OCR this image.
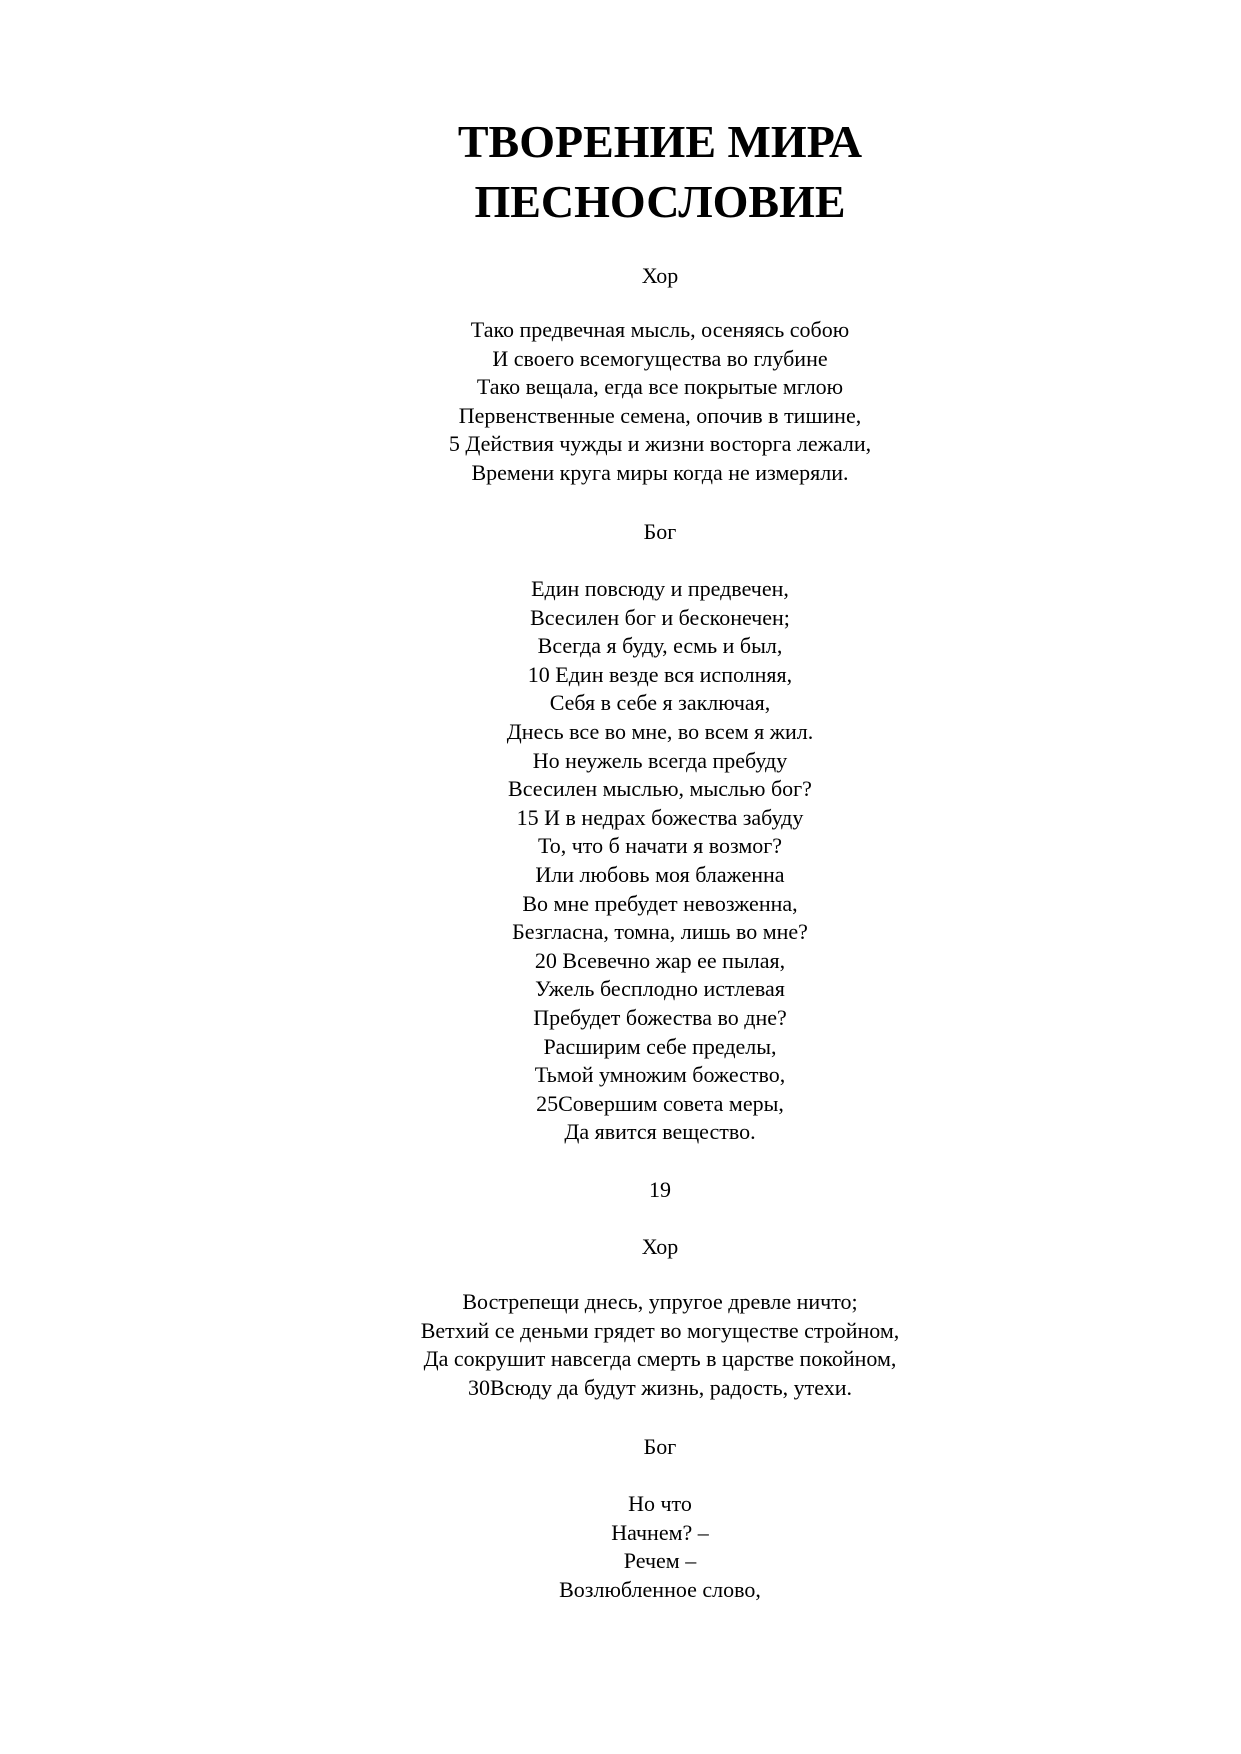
ТВОРЕНИЕ МИРА
ПЕСНОСЛОВИЕ
Хор
Тако предвечная мысль, осеняясь собою
И своего всемогущества во глубине
Тако вещала, егда все покрытые мглою
Первенственные семена, опочив в тишине,
5 Действия чужды и жизни восторга лежали,
Времени круга миры когда не измеряли.
Бог
Един повсюду и предвечен,
Всесилен бог и бесконечен;
Всегда я буду, есмь и был,
10 Един везде вся исполняя,
Себя в себе я заключая,
Днесь все во мне, во всем я жил.
Но неужель всегда пребуду
Всесилен мыслью, мыслью бог?
15 И в недрах божества забуду
То, что б начати я возмог?
Или любовь моя блаженна
Во мне пребудет невозженна,
Безгласна, томна, лишь во мне?
20 Всевечно жар ее пылая,
Ужель бесплодно истлевая
Пребудет божества во дне?
Расширим себе пределы,
Тьмой умножим божество,
25Совершим совета меры,
Да явится вещество.
19
Хор
Вострепещи днесь, упругое древле ничто;
Ветхий се деньми грядет во могуществе стройном,
Да сокрушит навсегда смерть в царстве покойном,
30Всюду да будут жизнь, радость, утехи.
Бог
Но что
Начнем? –
Речем –
Возлюбленное слово,
